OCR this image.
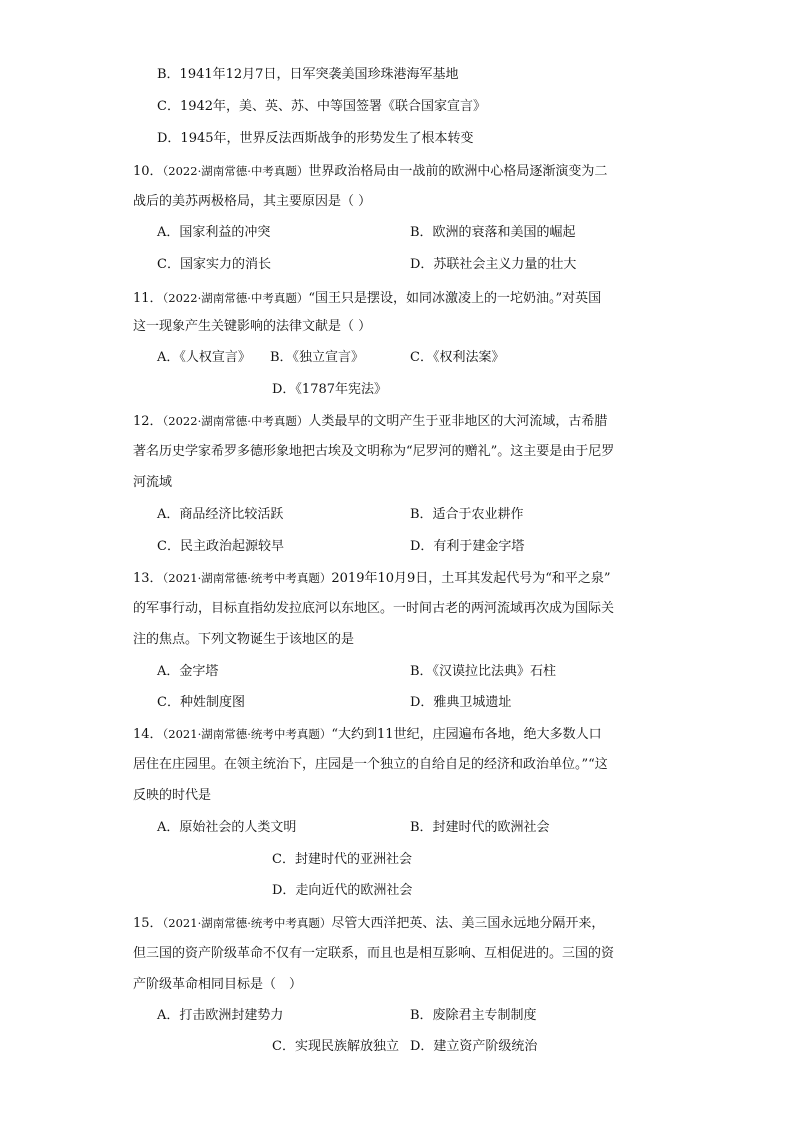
B．1941年12月7日，日军突袭美国珍珠港海军基地
C．1942年，美、英、苏、中等国签署《联合国家宣言》
D．1945年，世界反法西斯战争的形势发生了根本转变
10．（2022·湖南常德·中考真题）世界政治格局由一战前的欧洲中心格局逐渐演变为二
战后的美苏两极格局，其主要原因是（ ）
A．国家利益的冲突	B．欧洲的衰落和美国的崛起
C．国家实力的消长	D．苏联社会主义力量的壮大
11．（2022·湖南常德·中考真题）“国王只是摆设，如同冰激凌上的一坨奶油。”对英国
这一现象产生关键影响的法律文献是（ ）
A．《人权宣言》 B．《独立宣言》	C．《权利法案》
D．《1787年宪法》
12．（2022·湖南常德·中考真题）人类最早的文明产生于亚非地区的大河流域，古希腊
著名历史学家希罗多德形象地把古埃及文明称为“尼罗河的赠礼”。这主要是由于尼罗
河流域
A．商品经济比较活跃	B．适合于农业耕作
C．民主政治起源较早	D．有利于建金字塔
13．（2021·湖南常德·统考中考真题）2019年10月9日，土耳其发起代号为“和平之泉”
的军事行动，目标直指幼发拉底河以东地区。一时间古老的两河流域再次成为国际关
注的焦点。下列文物诞生于该地区的是
A．金字塔	B．《汉谟拉比法典》石柱
C．种姓制度图	D．雅典卫城遗址
14．（2021·湖南常德·统考中考真题）“大约到11世纪，庄园遍布各地，绝大多数人口
居住在庄园里。在领主统治下，庄园是一个独立的自给自足的经济和政治单位。”“这
反映的时代是
A．原始社会的人类文明	B．封建时代的欧洲社会
C．封建时代的亚洲社会
D．走向近代的欧洲社会
15．（2021·湖南常德·统考中考真题）尽管大西洋把英、法、美三国永远地分隔开来，
但三国的资产阶级革命不仅有一定联系，而且也是相互影响、互相促进的。三国的资
产阶级革命相同目标是（　）
A．打击欧洲封建势力	B．废除君主专制制度
C．实现民族解放独立 D．建立资产阶级统治
